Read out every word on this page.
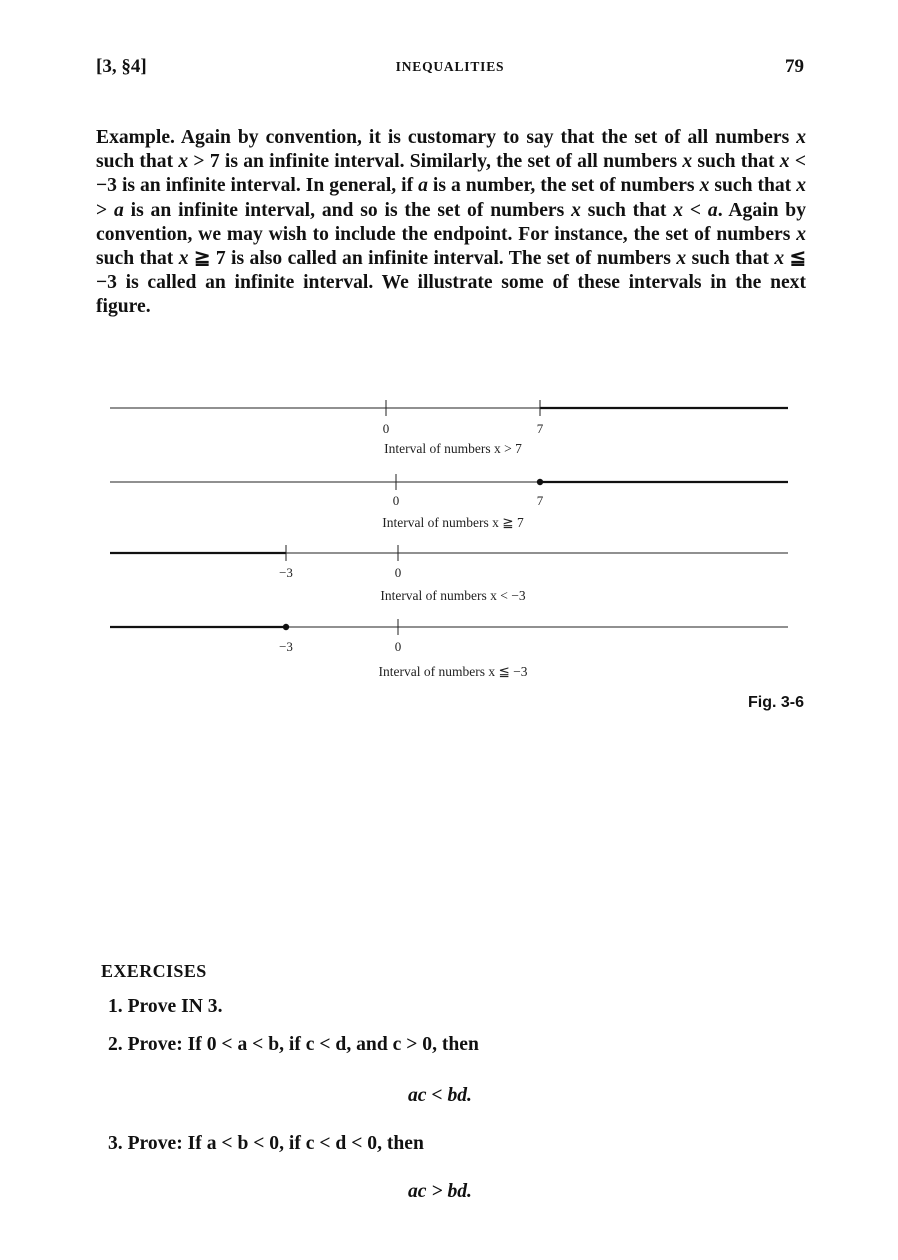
[3, §4]	INEQUALITIES	79
Example. Again by convention, it is customary to say that the set of all numbers x such that x > 7 is an infinite interval. Similarly, the set of all numbers x such that x < −3 is an infinite interval. In general, if a is a number, the set of numbers x such that x > a is an infinite interval, and so is the set of numbers x such that x < a. Again by convention, we may wish to include the endpoint. For instance, the set of numbers x such that x ≧ 7 is also called an infinite interval. The set of numbers x such that x ≦ −3 is called an infinite interval. We illustrate some of these intervals in the next figure.
0	7
Interval of numbers x > 7
0	7
Interval of numbers x ≧ 7
−3	0
Interval of numbers x < −3
−3	0
Interval of numbers x ≦ −3
Fig. 3-6
EXERCISES
1. Prove IN 3.
2. Prove: If 0 < a < b, if c < d, and c > 0, then
ac < bd.
3. Prove: If a < b < 0, if c < d < 0, then
ac > bd.
